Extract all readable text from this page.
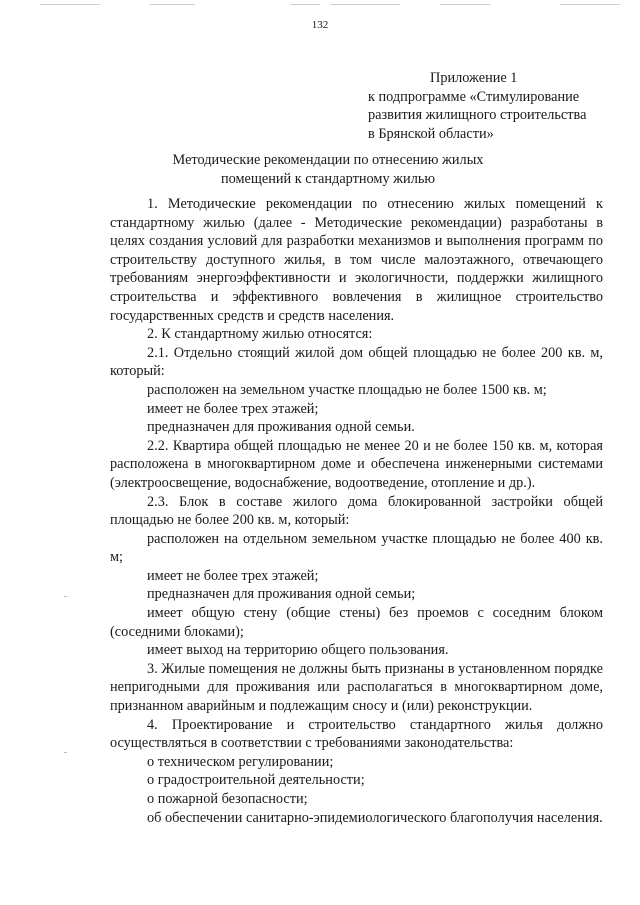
132
Приложение 1
к подпрограмме «Стимулирование
развития жилищного строительства
в Брянской области»
Методические рекомендации по отнесению жилых
помещений к стандартному жилью

1. Методические рекомендации по отнесению жилых помещений к стандартному жилью (далее - Методические рекомендации) разработаны в целях создания условий для разработки механизмов и выполнения программ по строительству доступного жилья, в том числе малоэтажного, отвечающего требованиям энергоэффективности и экологичности, поддержки жилищного строительства и эффективного вовлечения в жилищное строительство государственных средств и средств населения.

2. К стандартному жилью относятся:

2.1. Отдельно стоящий жилой дом общей площадью не более 200 кв. м, который:

расположен на земельном участке площадью не более 1500 кв. м;

имеет не более трех этажей;

предназначен для проживания одной семьи.

2.2. Квартира общей площадью не менее 20 и не более 150 кв. м, которая расположена в многоквартирном доме и обеспечена инженерными системами (электроосвещение, водоснабжение, водоотведение, отопление и др.).

2.3. Блок в составе жилого дома блокированной застройки общей площадью не более 200 кв. м, который:

расположен на отдельном земельном участке площадью не более 400 кв. м;

имеет не более трех этажей;

предназначен для проживания одной семьи;

имеет общую стену (общие стены) без проемов с соседним блоком (соседними блоками);

имеет выход на территорию общего пользования.

3. Жилые помещения не должны быть признаны в установленном порядке непригодными для проживания или располагаться в многоквартирном доме, признанном аварийным и подлежащим сносу и (или) реконструкции.

4. Проектирование и строительство стандартного жилья должно осуществляться в соответствии с требованиями законодательства:

о техническом регулировании;

о градостроительной деятельности;

о пожарной безопасности;

об обеспечении санитарно-эпидемиологического благополучия населения.
